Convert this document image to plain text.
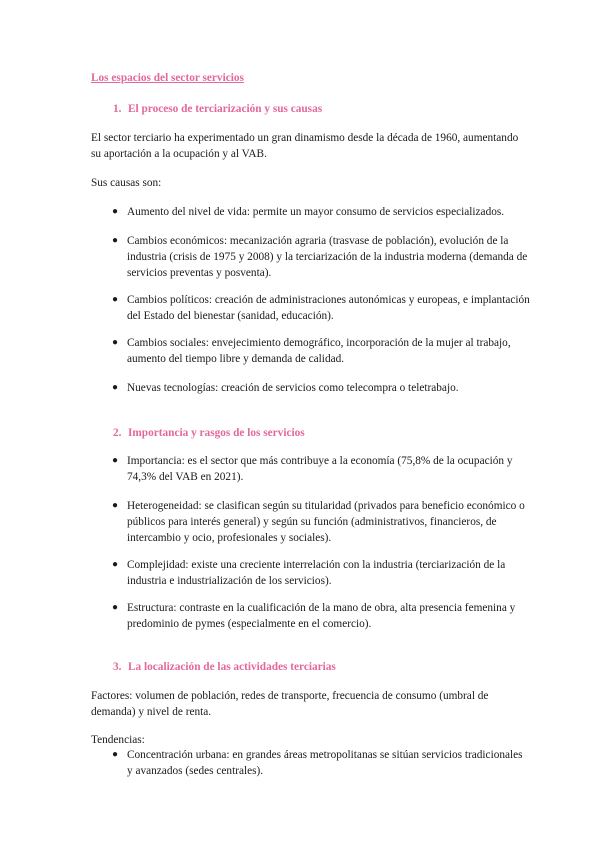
Los espacios del sector servicios
1. El proceso de terciarización y sus causas
El sector terciario ha experimentado un gran dinamismo desde la década de 1960, aumentando su aportación a la ocupación y al VAB.
Sus causas son:
● Aumento del nivel de vida: permite un mayor consumo de servicios especializados.
● Cambios económicos: mecanización agraria (trasvase de población), evolución de la industria (crisis de 1975 y 2008) y la terciarización de la industria moderna (demanda de servicios preventas y posventa).
● Cambios políticos: creación de administraciones autonómicas y europeas, e implantación del Estado del bienestar (sanidad, educación).
● Cambios sociales: envejecimiento demográfico, incorporación de la mujer al trabajo, aumento del tiempo libre y demanda de calidad.
● Nuevas tecnologías: creación de servicios como telecompra o teletrabajo.
2. Importancia y rasgos de los servicios
● Importancia: es el sector que más contribuye a la economía (75,8% de la ocupación y 74,3% del VAB en 2021).
● Heterogeneidad: se clasifican según su titularidad (privados para beneficio económico o públicos para interés general) y según su función (administrativos, financieros, de intercambio y ocio, profesionales y sociales).
● Complejidad: existe una creciente interrelación con la industria (terciarización de la industria e industrialización de los servicios).
● Estructura: contraste en la cualificación de la mano de obra, alta presencia femenina y predominio de pymes (especialmente en el comercio).
3. La localización de las actividades terciarias
Factores: volumen de población, redes de transporte, frecuencia de consumo (umbral de demanda) y nivel de renta.
Tendencias:
● Concentración urbana: en grandes áreas metropolitanas se sitúan servicios tradicionales y avanzados (sedes centrales).
